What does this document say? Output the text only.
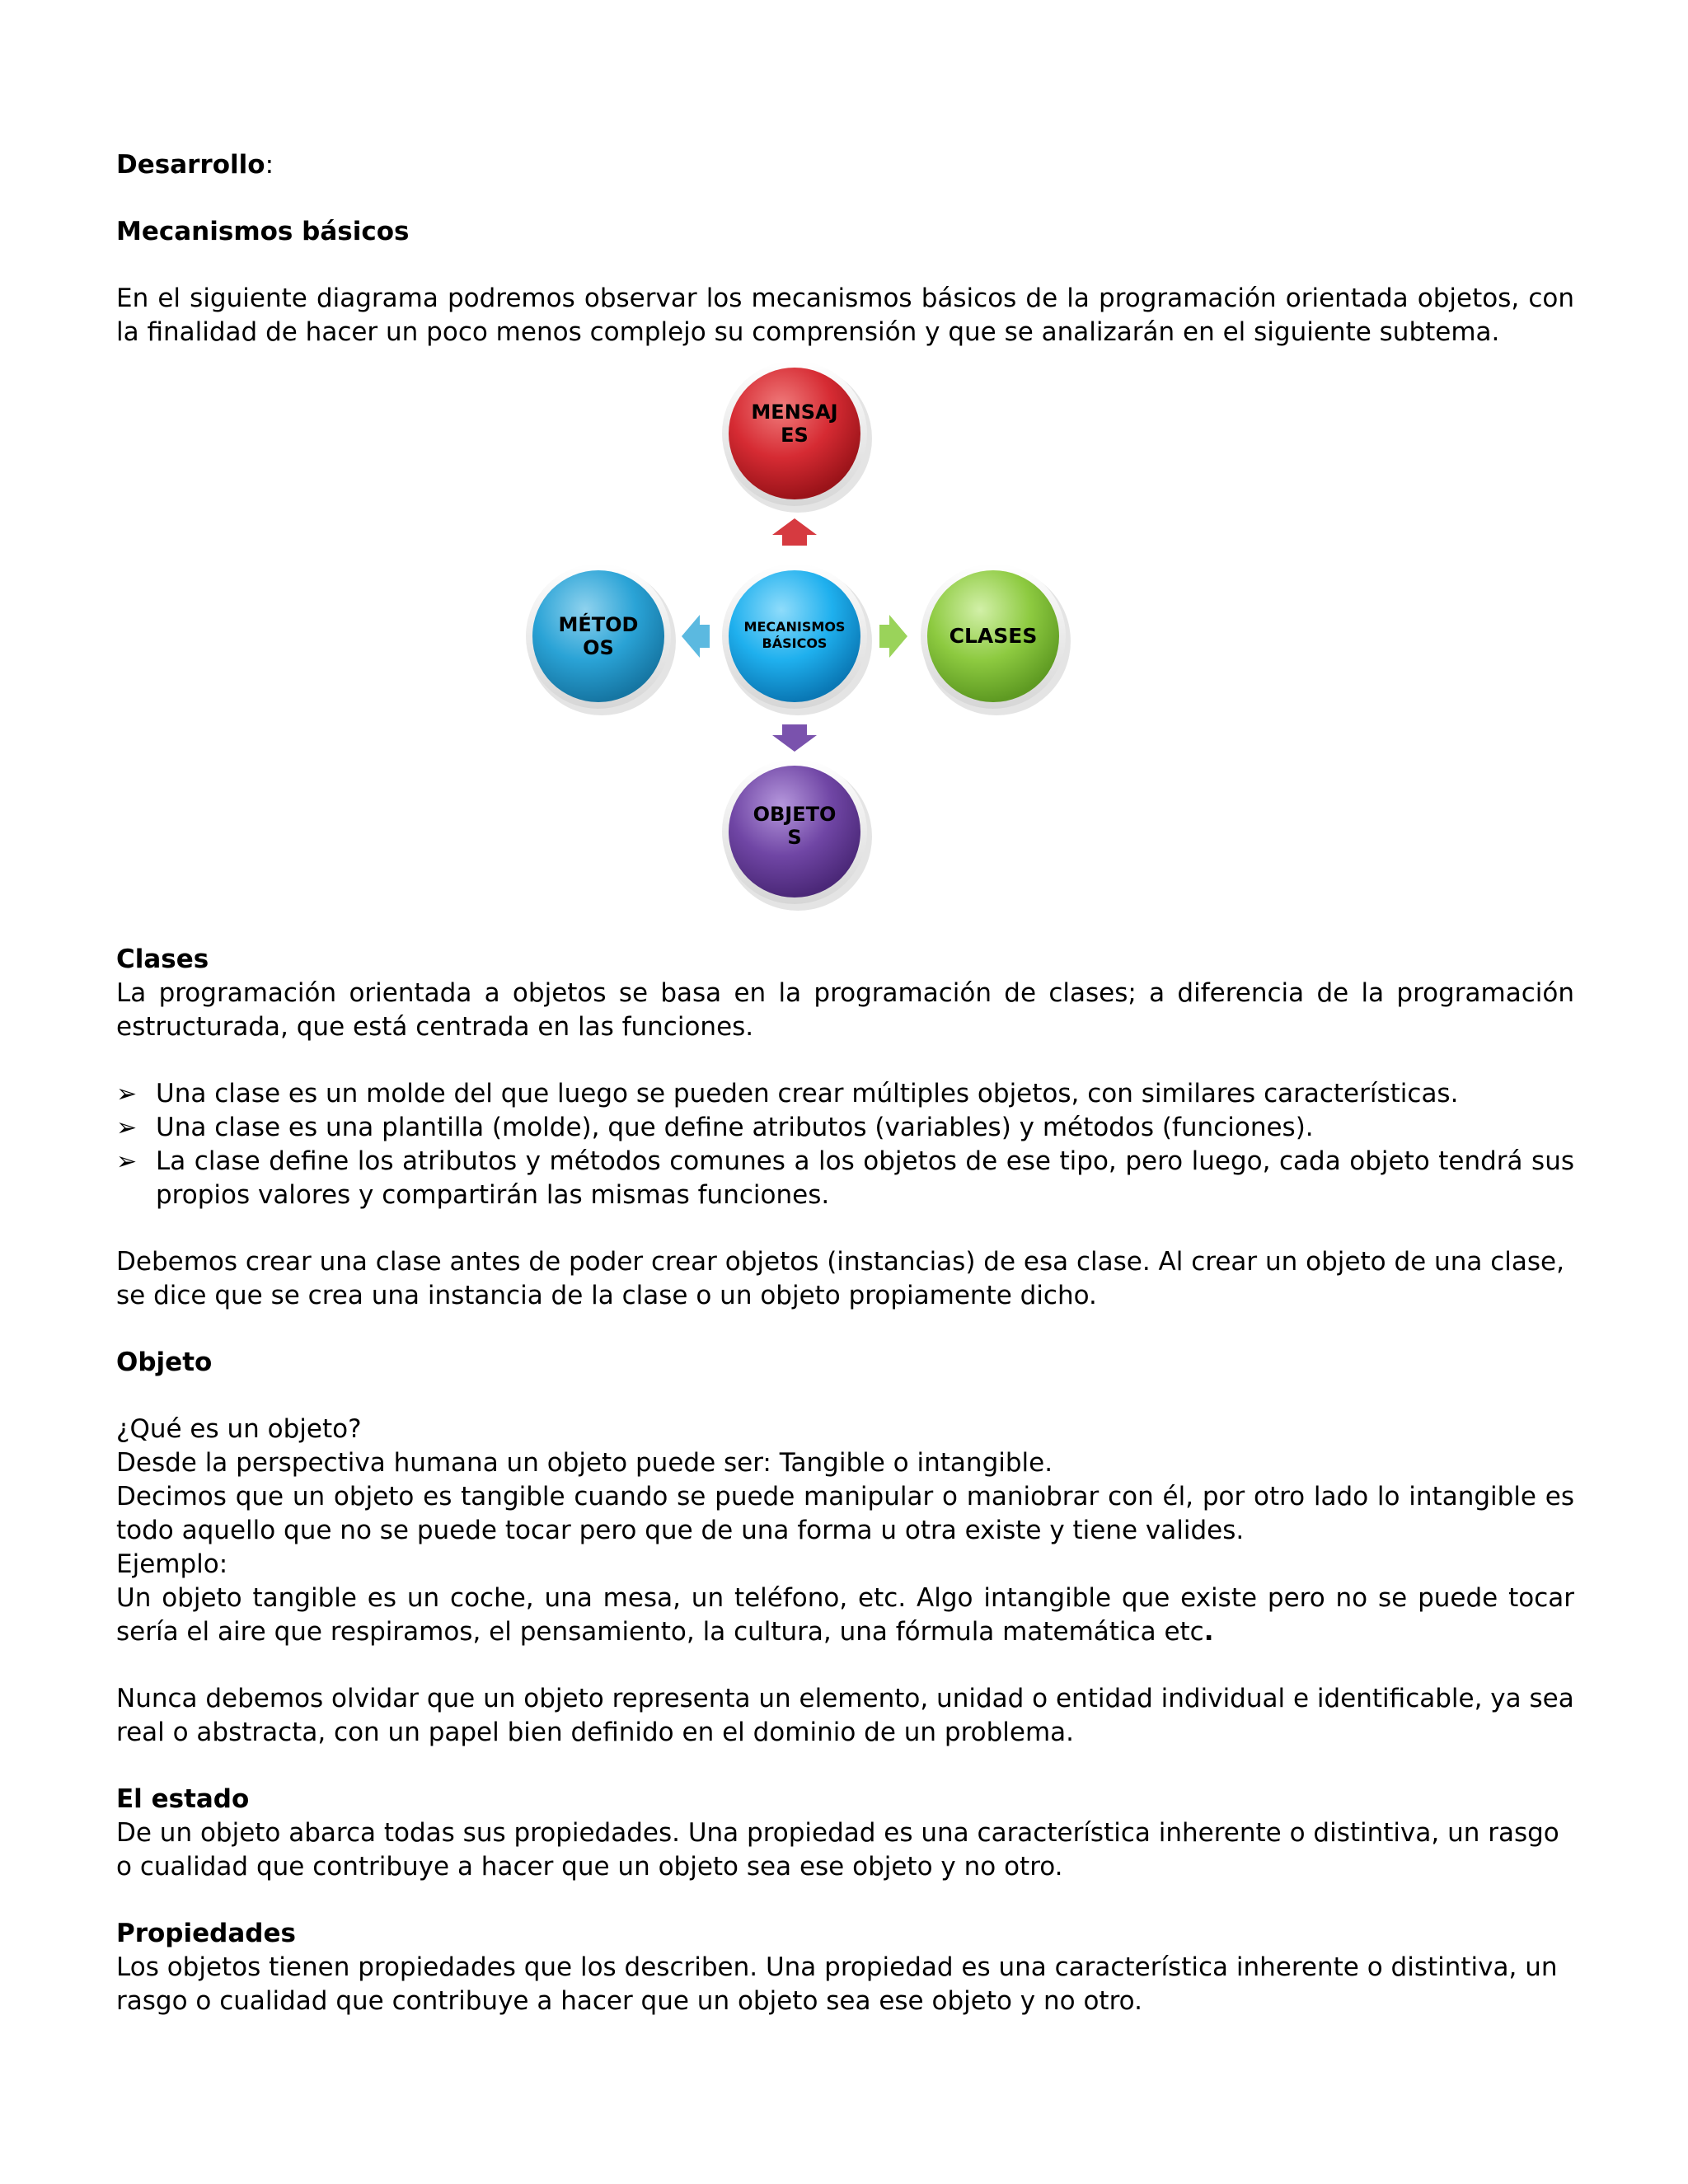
Desarrollo:

Mecanismos básicos

En el siguiente diagrama podremos observar los mecanismos básicos de la programación orientada objetos, con la finalidad de hacer un poco menos complejo su comprensión y que se analizarán en el siguiente subtema.

MENSAJ
ES
MECANISMOS
BÁSICOS	CLASES
OBJETO
S
MÉTOD
OS

Clases

La programación orientada a objetos se basa en la programación de clases; a diferencia de la programación estructurada, que está centrada en las funciones.

➢ Una clase es un molde del que luego se pueden crear múltiples objetos, con similares características.
➢ Una clase es una plantilla (molde), que define atributos (variables) y métodos (funciones).
➢ La clase define los atributos y métodos comunes a los objetos de ese tipo, pero luego, cada objeto tendrá sus propios valores y compartirán las mismas funciones.

Debemos crear una clase antes de poder crear objetos (instancias) de esa clase. Al crear un objeto de una clase, se dice que se crea una instancia de la clase o un objeto propiamente dicho.

Objeto

¿Qué es un objeto?

Desde la perspectiva humana un objeto puede ser: Tangible o intangible.

Decimos que un objeto es tangible cuando se puede manipular o maniobrar con él, por otro lado lo intangible es todo aquello que no se puede tocar pero que de una forma u otra existe y tiene valides.

Ejemplo:

Un objeto tangible es un coche, una mesa, un teléfono, etc. Algo intangible que existe pero no se puede tocar sería el aire que respiramos, el pensamiento, la cultura, una fórmula matemática etc.

Nunca debemos olvidar que un objeto representa un elemento, unidad o entidad individual e identificable, ya sea real o abstracta, con un papel bien definido en el dominio de un problema.

El estado

De un objeto abarca todas sus propiedades. Una propiedad es una característica inherente o distintiva, un rasgo o cualidad que contribuye a hacer que un objeto sea ese objeto y no otro.

Propiedades

Los objetos tienen propiedades que los describen. Una propiedad es una característica inherente o distintiva, un rasgo o cualidad que contribuye a hacer que un objeto sea ese objeto y no otro.
